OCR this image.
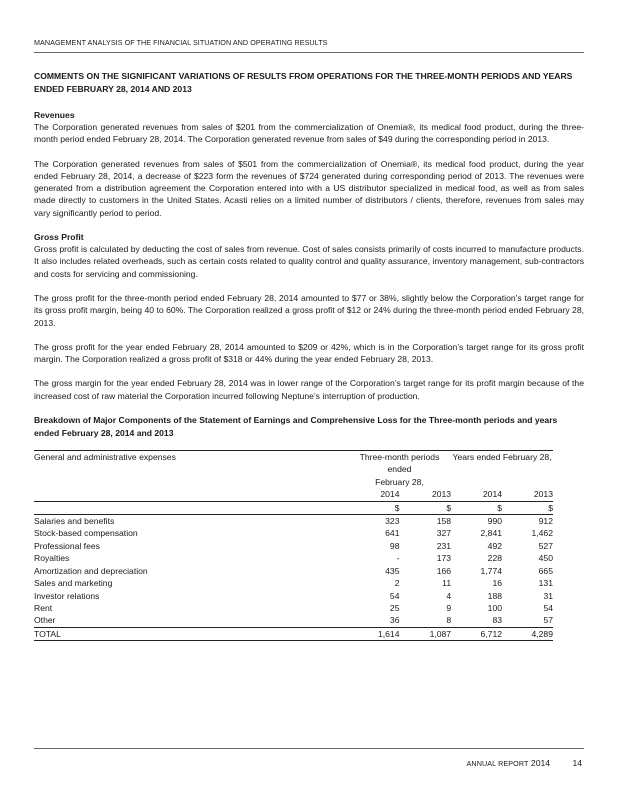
MANAGEMENT ANALYSIS OF THE FINANCIAL SITUATION AND OPERATING RESULTS
COMMENTS ON THE SIGNIFICANT VARIATIONS OF RESULTS FROM OPERATIONS FOR THE THREE-MONTH PERIODS AND YEARS ENDED FEBRUARY 28, 2014 AND 2013
Revenues

The Corporation generated revenues from sales of $201 from the commercialization of Onemia®, its medical food product, during the three-month period ended February 28, 2014. The Corporation generated revenue from sales of $49 during the corresponding period in 2013.

The Corporation generated revenues from sales of $501 from the commercialization of Onemia®, its medical food product, during the year ended February 28, 2014, a decrease of $223 form the revenues of $724 generated during corresponding period of 2013. The revenues were generated from a distribution agreement the Corporation entered into with a US distributor specialized in medical food, as well as from sales made directly to customers in the United States. Acasti relies on a limited number of distributors / clients, therefore, revenues from sales may vary significantly period to period.

Gross Profit

Gross profit is calculated by deducting the cost of sales from revenue. Cost of sales consists primarily of costs incurred to manufacture products. It also includes related overheads, such as certain costs related to quality control and quality assurance, inventory management, sub-contractors and costs for servicing and commissioning.

The gross profit for the three-month period ended February 28, 2014 amounted to $77 or 38%, slightly below the Corporation’s target range for its gross profit margin, being 40 to 60%. The Corporation realized a gross profit of $12 or 24% during the three-month period ended February 28, 2013.

The gross profit for the year ended February 28, 2014 amounted to $209 or 42%, which is in the Corporation’s target range for its gross profit margin. The Corporation realized a gross profit of $318 or 44% during the year ended February 28, 2013.

The gross margin for the year ended February 28, 2014 was in lower range of the Corporation’s target range for its profit margin because of the increased cost of raw material the Corporation incurred following Neptune’s interruption of production.

Breakdown of Major Components of the Statement of Earnings and Comprehensive Loss for the Three-month periods and years ended February 28, 2014 and 2013
General and administrative expenses	Three-month periods ended
February 28,		Years ended February 28,	
	2014	2013	2014	2013
	$	$	$	$
Salaries and benefits	323	158	990	912
Stock-based compensation	641	327	2,841	1,462
Professional fees	98	231	492	527
Royalties	-	173	228	450
Amortization and depreciation	435	166	1,774	665
Sales and marketing	2	11	16	131
Investor relations	54	4	188	31
Rent	25	9	100	54
Other	36	8	83	57
TOTAL	1,614	1,087	6,712	4,289
ANNUAL REPORT 2014	14
